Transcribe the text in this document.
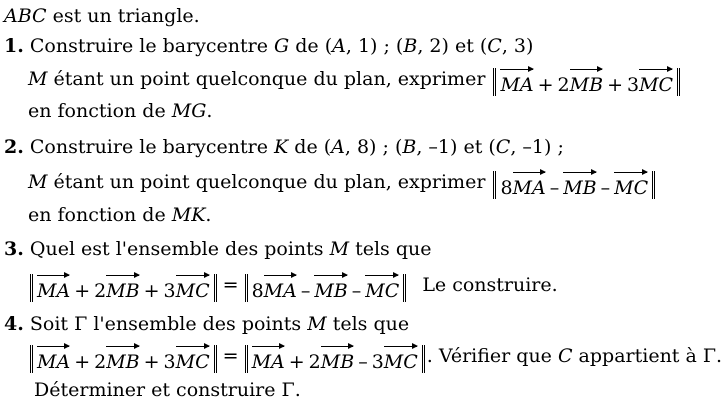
ABC est un triangle.
1. Construire le barycentre G de (A, 1) ; (B, 2) et (C, 3)
M étant un point quelconque du plan, exprimer MA + 2MB + 3MC
en fonction de MG.
2. Construire le barycentre K de (A, 8) ; (B, –1) et (C, –1) ;
M étant un point quelconque du plan, exprimer 8MA – MB – MC
en fonction de MK.
3. Quel est l'ensemble des points M tels que
MA + 2MB + 3MC = 8MA – MB – MC Le construire.
4. Soit Γ l'ensemble des points M tels que
MA + 2MB + 3MC = MA + 2MB – 3MC . Vérifier que C appartient à Γ.
Déterminer et construire Γ.
